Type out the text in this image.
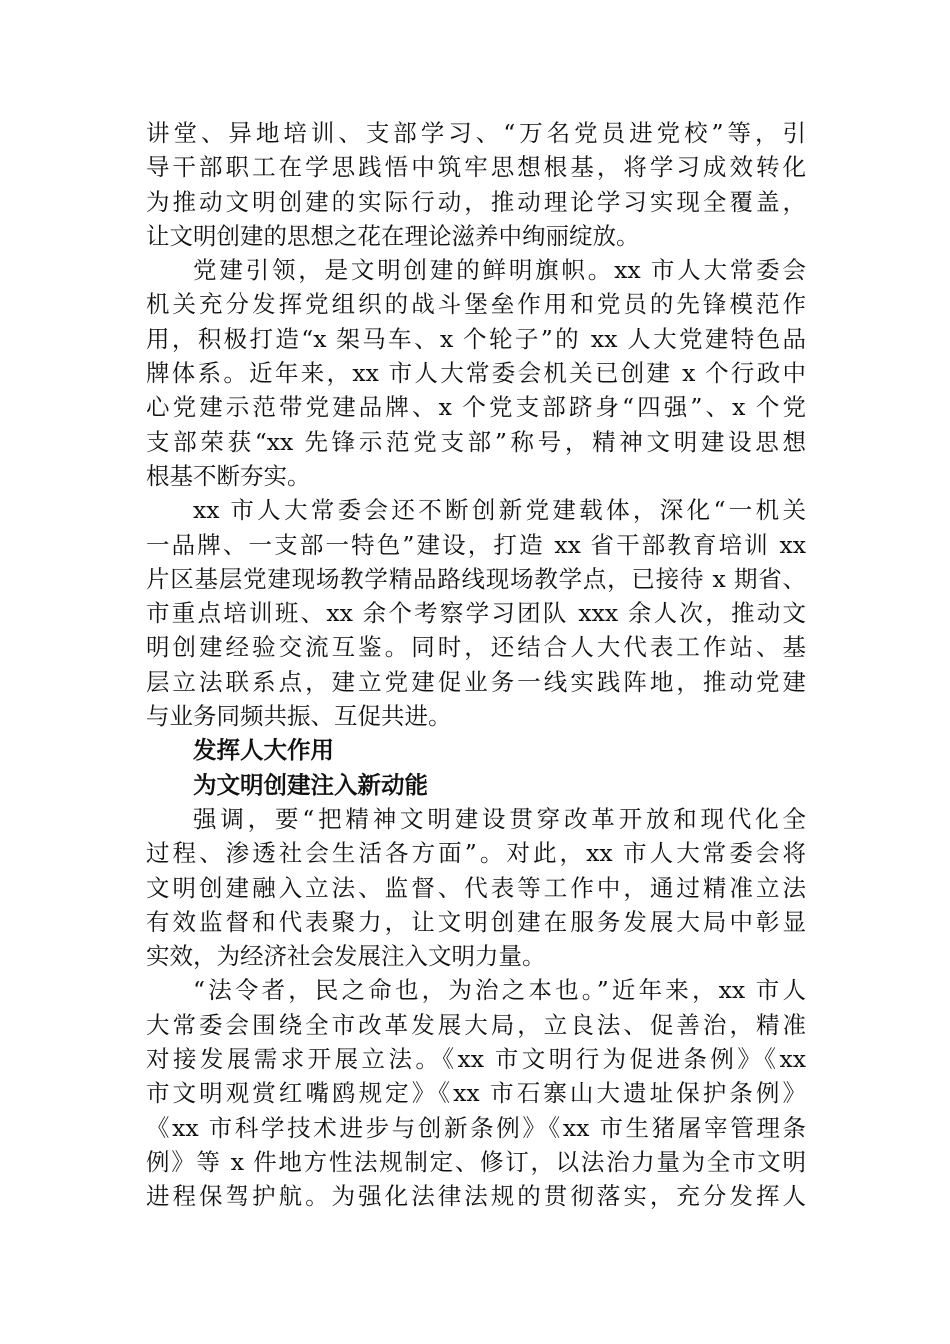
讲堂、异地培训、支部学习、“万名党员进党校”等，引
导干部职工在学思践悟中筑牢思想根基，将学习成效转化
为推动文明创建的实际行动，推动理论学习实现全覆盖，
让文明创建的思想之花在理论滋养中绚丽绽放。
党建引领，是文明创建的鲜明旗帜。xx 市人大常委会
机关充分发挥党组织的战斗堡垒作用和党员的先锋模范作
用，积极打造“x 架马车、x 个轮子”的 xx 人大党建特色品
牌体系。近年来，xx 市人大常委会机关已创建 x 个行政中
心党建示范带党建品牌、x 个党支部跻身“四强”、x 个党
支部荣获“xx 先锋示范党支部”称号，精神文明建设思想
根基不断夯实。
xx 市人大常委会还不断创新党建载体，深化“一机关
一品牌、一支部一特色”建设，打造 xx 省干部教育培训 xx
片区基层党建现场教学精品路线现场教学点，已接待 x 期省、
市重点培训班、xx 余个考察学习团队 xxx 余人次，推动文
明创建经验交流互鉴。同时，还结合人大代表工作站、基
层立法联系点，建立党建促业务一线实践阵地，推动党建
与业务同频共振、互促共进。
发挥人大作用
为文明创建注入新动能
强调，要“把精神文明建设贯穿改革开放和现代化全
过程、渗透社会生活各方面”。对此，xx 市人大常委会将
文明创建融入立法、监督、代表等工作中，通过精准立法
有效监督和代表聚力，让文明创建在服务发展大局中彰显
实效，为经济社会发展注入文明力量。
“法令者，民之命也，为治之本也。”近年来，xx 市人
大常委会围绕全市改革发展大局，立良法、促善治，精准
对接发展需求开展立法。《xx 市文明行为促进条例》《xx
市文明观赏红嘴鸥规定》《xx 市石寨山大遗址保护条例》
《xx 市科学技术进步与创新条例》《xx 市生猪屠宰管理条
例》等 x 件地方性法规制定、修订，以法治力量为全市文明
进程保驾护航。为强化法律法规的贯彻落实，充分发挥人
